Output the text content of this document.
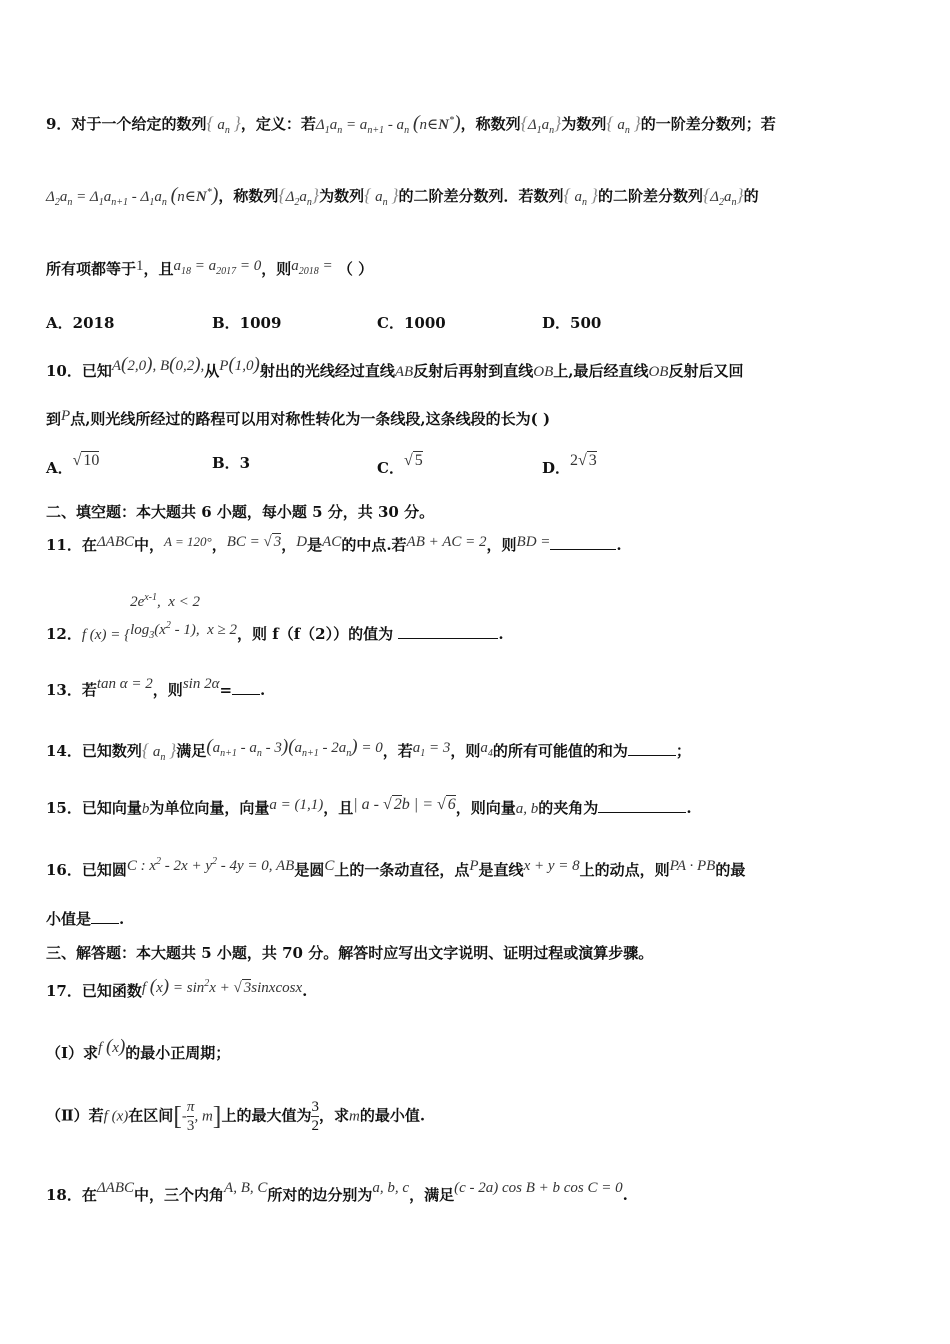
9．对于一个给定的数列{ $a_n$ }，定义：若$\Delta_1a_n = a_{n+1} - a_n$ (n∈N*)，称数列$\{\Delta_1a_n\}$为数列{ $a_n$ }的一阶差分数列；若
$\Delta_2a_n = \Delta_1a_{n+1} - \Delta_1a_n$ (n∈N*)，称数列$\{\Delta_2a_n\}$为数列{ $a_n$ }的二阶差分数列．若数列{ $a_n$ }的二阶差分数列$\{\Delta_2a_n\}$的
所有项都等于1，且$a_{18} = a_{2017} = 0$，则$a_{2018}$ = （ ）
A．2018	B．1009	C．1000	D．500
10．已知A(2,0), B(0,2),从P(1,0)射出的光线经过直线AB反射后再射到直线OB上,最后经直线OB反射后又回
到P点,则光线所经过的路程可以用对称性转化为一条线段,这条线段的长为( )
A．√ 10	B．3	C．√ 5	D．2√ 3
二、填空题：本大题共 6 小题，每小题 5 分，共 30 分。
11．在ΔABC中，A = 120°，BC = √ 3，D是AC的中点.若AB + AC = 2，则BD =	.
12．f $(x) = \{2e^{x-1}$,  x < 2
$\log_3(x^2 - 1)$,  x ≥ 2，则 f（f（2））的值为	.
13．若tan α = 2，则sin 2α= .
14．已知数列{ $a_n$ }满足$(a_{n+1} - a_n - 3)(a_{n+1} - 2a_n) = 0$，若$a_1 = 3$，则$a_4$的所有可能值的和为	；
15．已知向量b为单位向量，向量a = (1,1)，且| a - √ 2b | = √ 6，则向量a, b的夹角为	.
16．已知圆C : $x^2 - 2x + y^2 - 4y = 0$, AB是圆C上的一条动直径，点P是直线x + y = 8上的动点，则PA · PB的最
小值是 .
三、解答题：本大题共 5 小题，共 70 分。解答时应写出文字说明、证明过程或演算步骤。
17．已知函数f $(x) = \sin^2x$ + √ 3sinxcosx.
（Ⅰ）求f (x)的最小正周期；
（Ⅱ）若f (x)在区间[- $\frac{\pi}{3}$ , m]上的最大值为 $\frac{3}{2}$ ，求m的最小值.
18．在ΔABC中，三个内角A, B, C所对的边分别为a, b, c，满足(c - 2a) cos B + b cos C = 0.
